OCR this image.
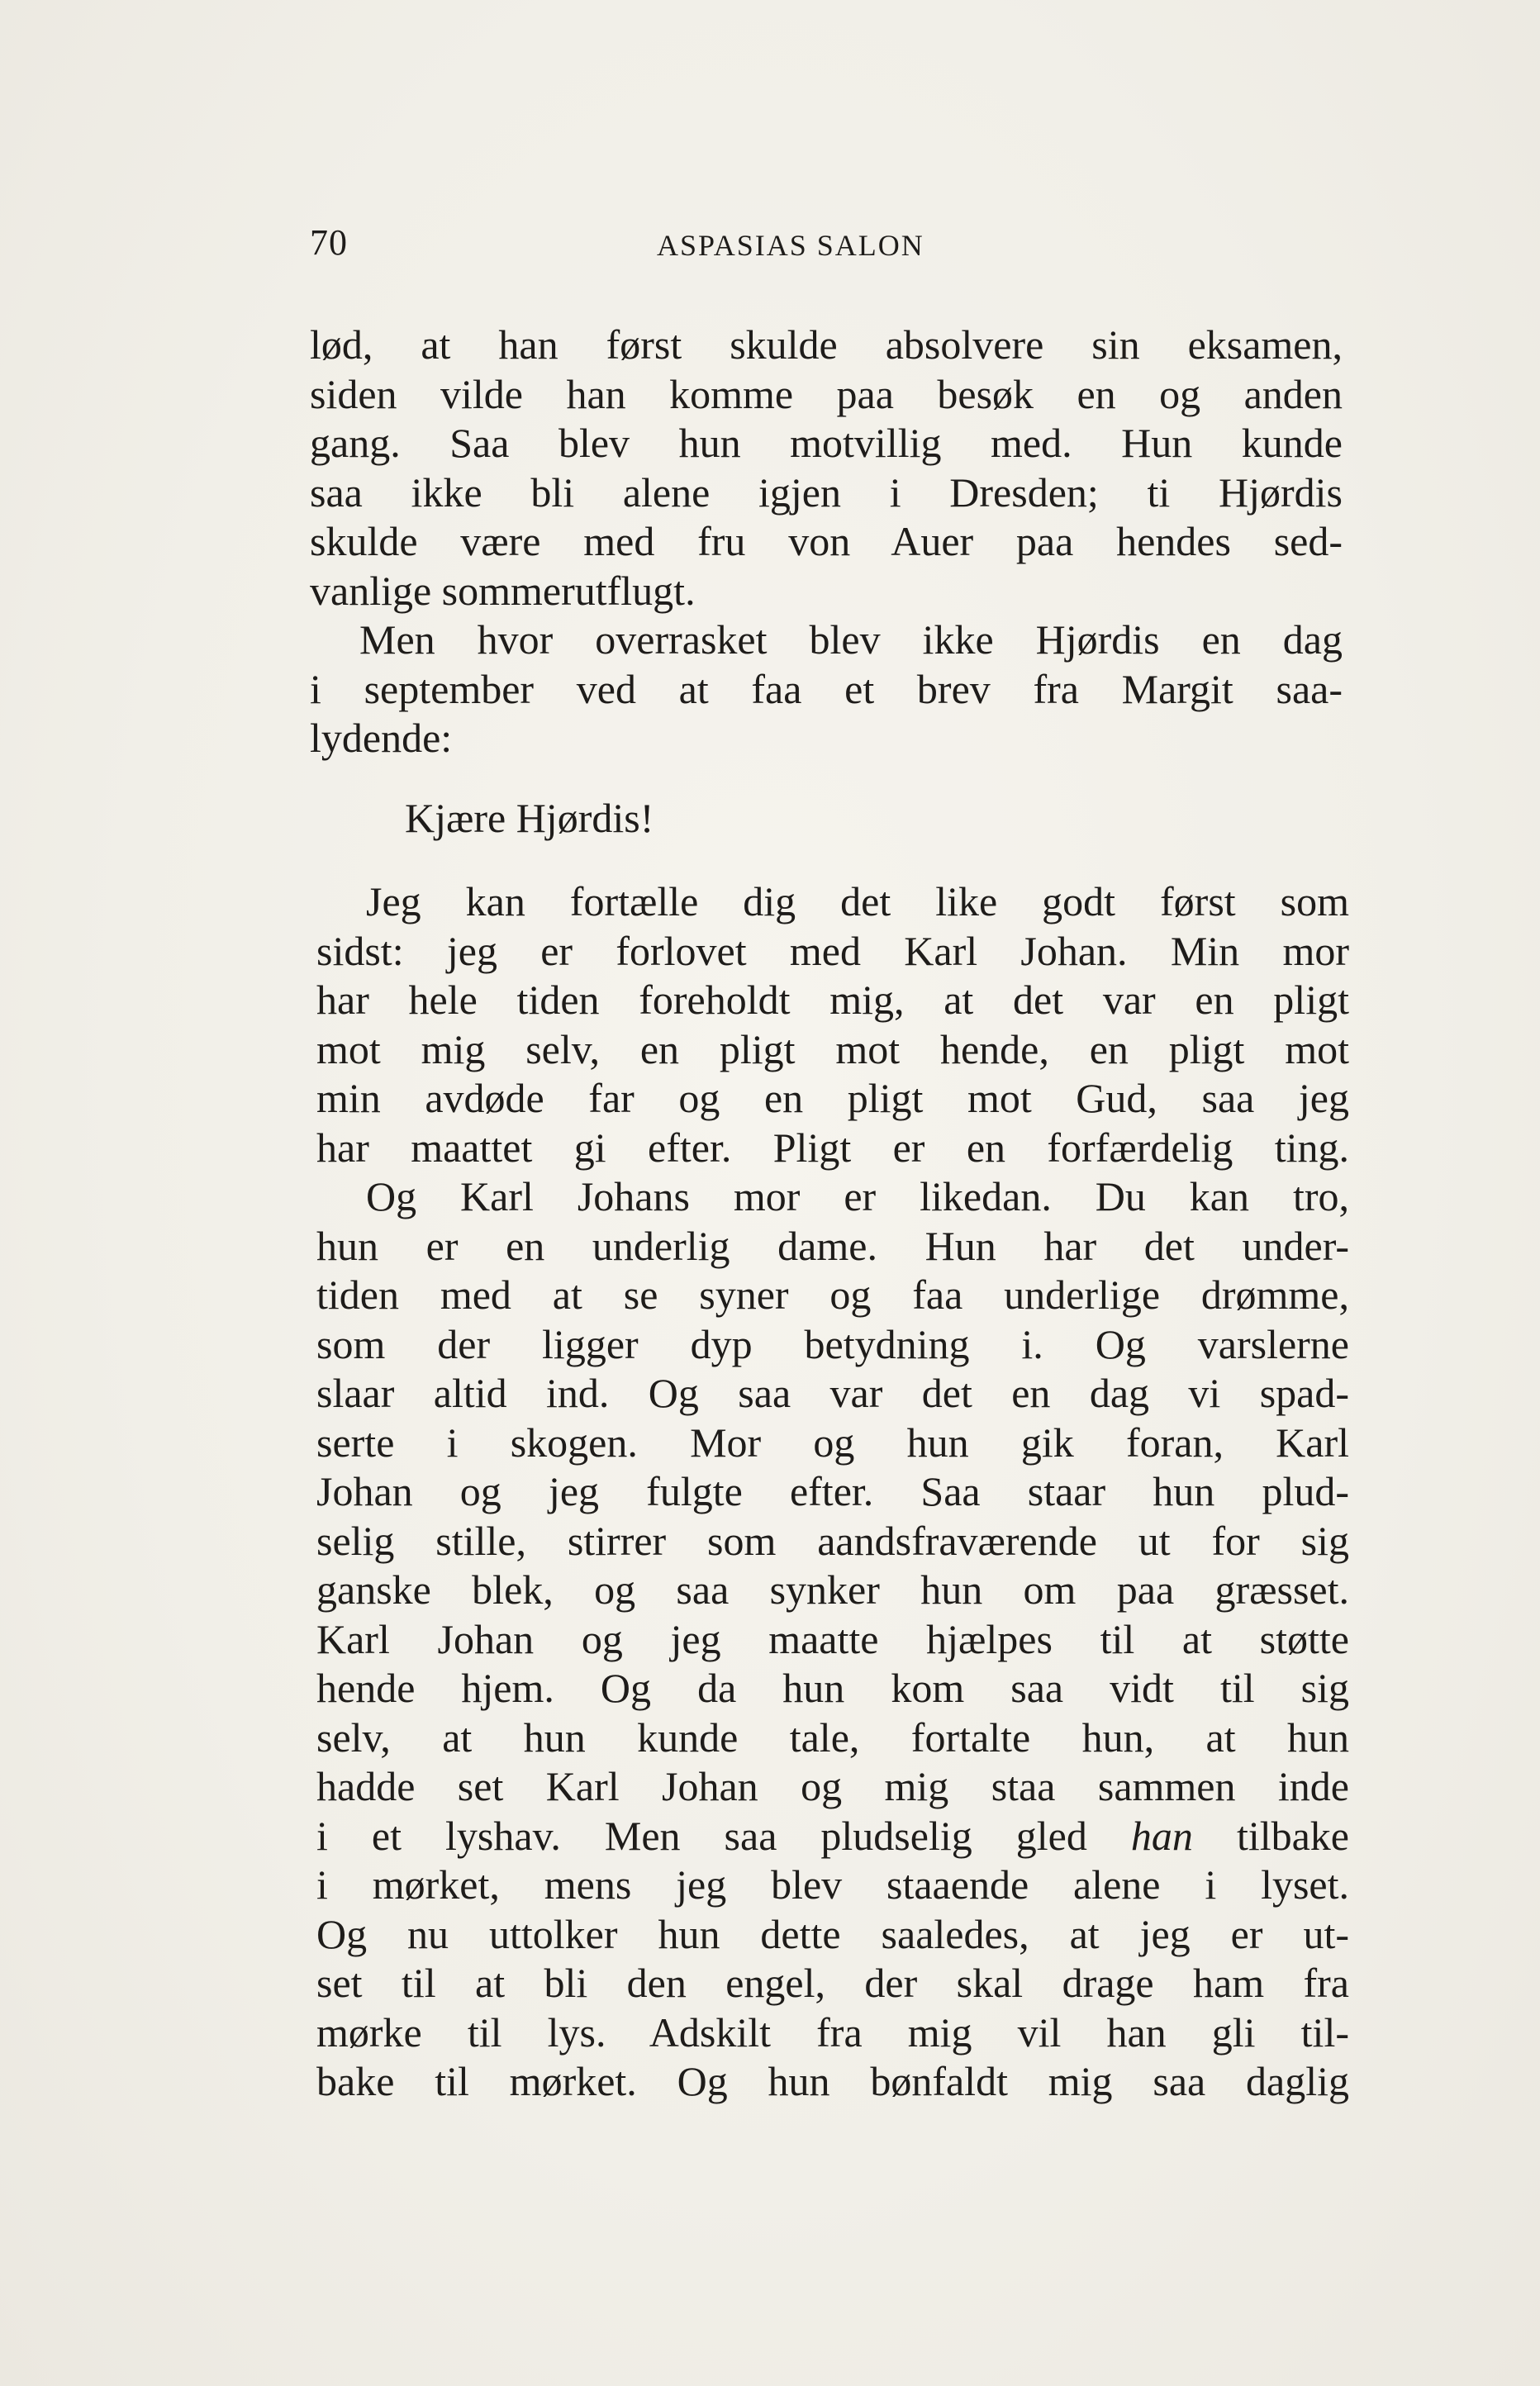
70	ASPASIAS SALON
lød, at han først skulde absolvere sin eksamen,
siden vilde han komme paa besøk en og anden
gang. Saa blev hun motvillig med. Hun kunde
saa ikke bli alene igjen i Dresden; ti Hjørdis
skulde være med fru von Auer paa hendes sed-
vanlige sommerutflugt.
Men hvor overrasket blev ikke Hjørdis en dag
i september ved at faa et brev fra Margit saa-
lydende:
Kjære Hjørdis!
Jeg kan fortælle dig det like godt først som
sidst: jeg er forlovet med Karl Johan. Min mor
har hele tiden foreholdt mig, at det var en pligt
mot mig selv, en pligt mot hende, en pligt mot
min avdøde far og en pligt mot Gud, saa jeg
har maattet gi efter. Pligt er en forfærdelig ting.
Og Karl Johans mor er likedan. Du kan tro,
hun er en underlig dame. Hun har det under-
tiden med at se syner og faa underlige drømme,
som der ligger dyp betydning i. Og varslerne
slaar altid ind. Og saa var det en dag vi spad-
serte i skogen. Mor og hun gik foran, Karl
Johan og jeg fulgte efter. Saa staar hun plud-
selig stille, stirrer som aandsfraværende ut for sig
ganske blek, og saa synker hun om paa græsset.
Karl Johan og jeg maatte hjælpes til at støtte
hende hjem. Og da hun kom saa vidt til sig
selv, at hun kunde tale, fortalte hun, at hun
hadde set Karl Johan og mig staa sammen inde
i et lyshav. Men saa pludselig gled han tilbake
i mørket, mens jeg blev staaende alene i lyset.
Og nu uttolker hun dette saaledes, at jeg er ut-
set til at bli den engel, der skal drage ham fra
mørke til lys. Adskilt fra mig vil han gli til-
bake til mørket. Og hun bønfaldt mig saa daglig
